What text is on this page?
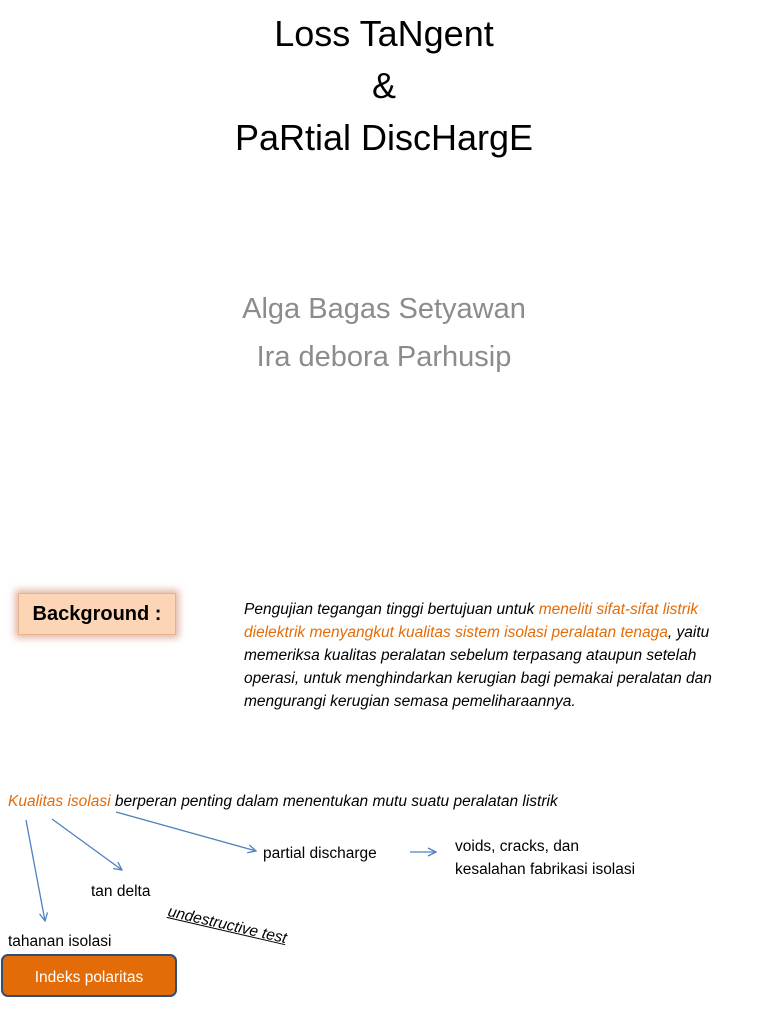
Loss TaNgent
&
PaRtial DiscHargE
Alga Bagas Setyawan
Ira debora Parhusip
Background :	Pengujian tegangan tinggi bertujuan untuk meneliti sifat-sifat listrik dielektrik menyangkut kualitas sistem isolasi peralatan tenaga, yaitu memeriksa kualitas peralatan sebelum terpasang ataupun setelah operasi, untuk menghindarkan kerugian bagi pemakai peralatan dan mengurangi kerugian semasa pemeliharaannya.
Kualitas isolasi berperan penting dalam menentukan mutu suatu peralatan listrik
partial discharge	voids, cracks, dan
kesalahan fabrikasi isolasi
tan delta
undestructive test
tahanan isolasi
Indeks polaritas
